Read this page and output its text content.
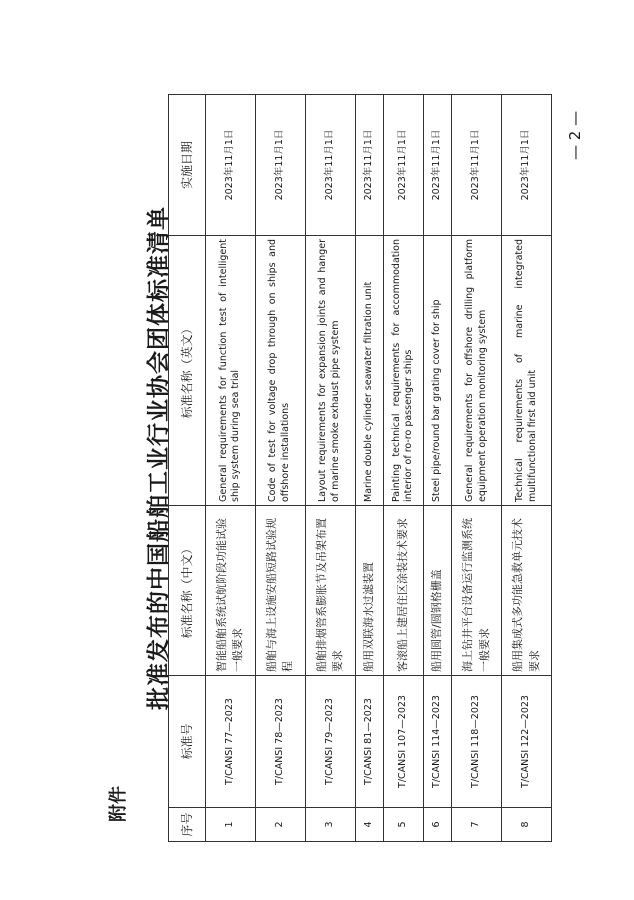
附件
批准发布的中国船舶工业行业协会团体标准清单
— 2 —
序号	标准号	标准名称（中文）	标准名称（英文）	实施日期
1	T/CANSI 77—2023	智能船舶系统试航阶段功能试验一般要求	General requirements for function test of intelligent ship system during sea trial	2023年11月1日
2	T/CANSI 78—2023	船舶与海上设施安船短路试验规程	Code of test for voltage drop through on ships and offshore installations	2023年11月1日
3	T/CANSI 79—2023	船舶排烟管系膨胀节及吊架布置要求	Layout requirements for expansion joints and hanger of marine smoke exhaust pipe system	2023年11月1日
4	T/CANSI 81—2023	船用双联海水过滤装置	Marine double cylinder seawater filtration unit	2023年11月1日
5	T/CANSI 107—2023	客滚船上建居住区涂装技术要求	Painting technical requirements for accommodation interior of ro-ro passenger ships	2023年11月1日
6	T/CANSI 114—2023	船用圆管/圆钢格栅盖	Steel pipe/round bar grating cover for ship	2023年11月1日
7	T/CANSI 118—2023	海上钻井平台设备运行监测系统一般要求	General requirements for offshore drilling platform equipment operation monitoring system	2023年11月1日
8	T/CANSI 122—2023	船用集成式多功能急救单元技术要求	Technical requirements of marine integrated multifunctional first aid unit	2023年11月1日
